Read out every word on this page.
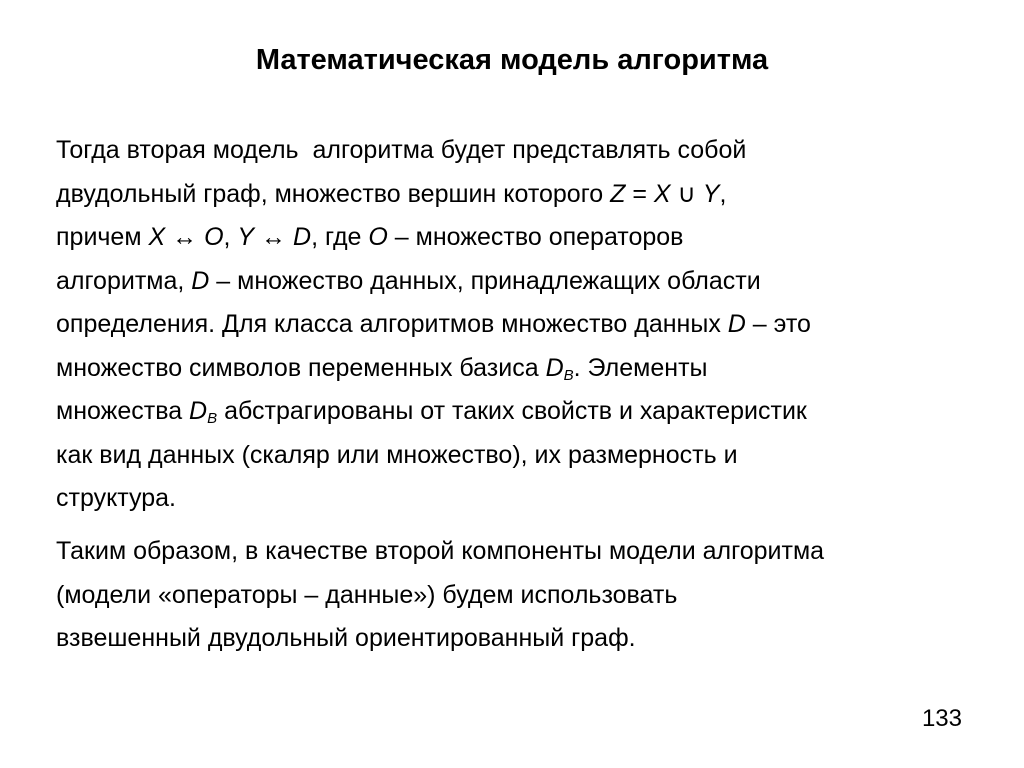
Математическая модель алгоритма
Тогда вторая модель  алгоритма будет представлять собой
двудольный граф, множество вершин которого Z = X ∪ Y,
причем X ↔ O, Y ↔ D, где O – множество операторов
алгоритма, D – множество данных, принадлежащих области
определения. Для класса алгоритмов множество данных D – это
множество символов переменных базиса $D_B$. Элементы
множества $D_B$ абстрагированы от таких свойств и характеристик
как вид данных (скаляр или множество), их размерность и
структура.
Таким образом, в качестве второй компоненты модели алгоритма
(модели «операторы – данные») будем использовать
взвешенный двудольный ориентированный граф.
133
